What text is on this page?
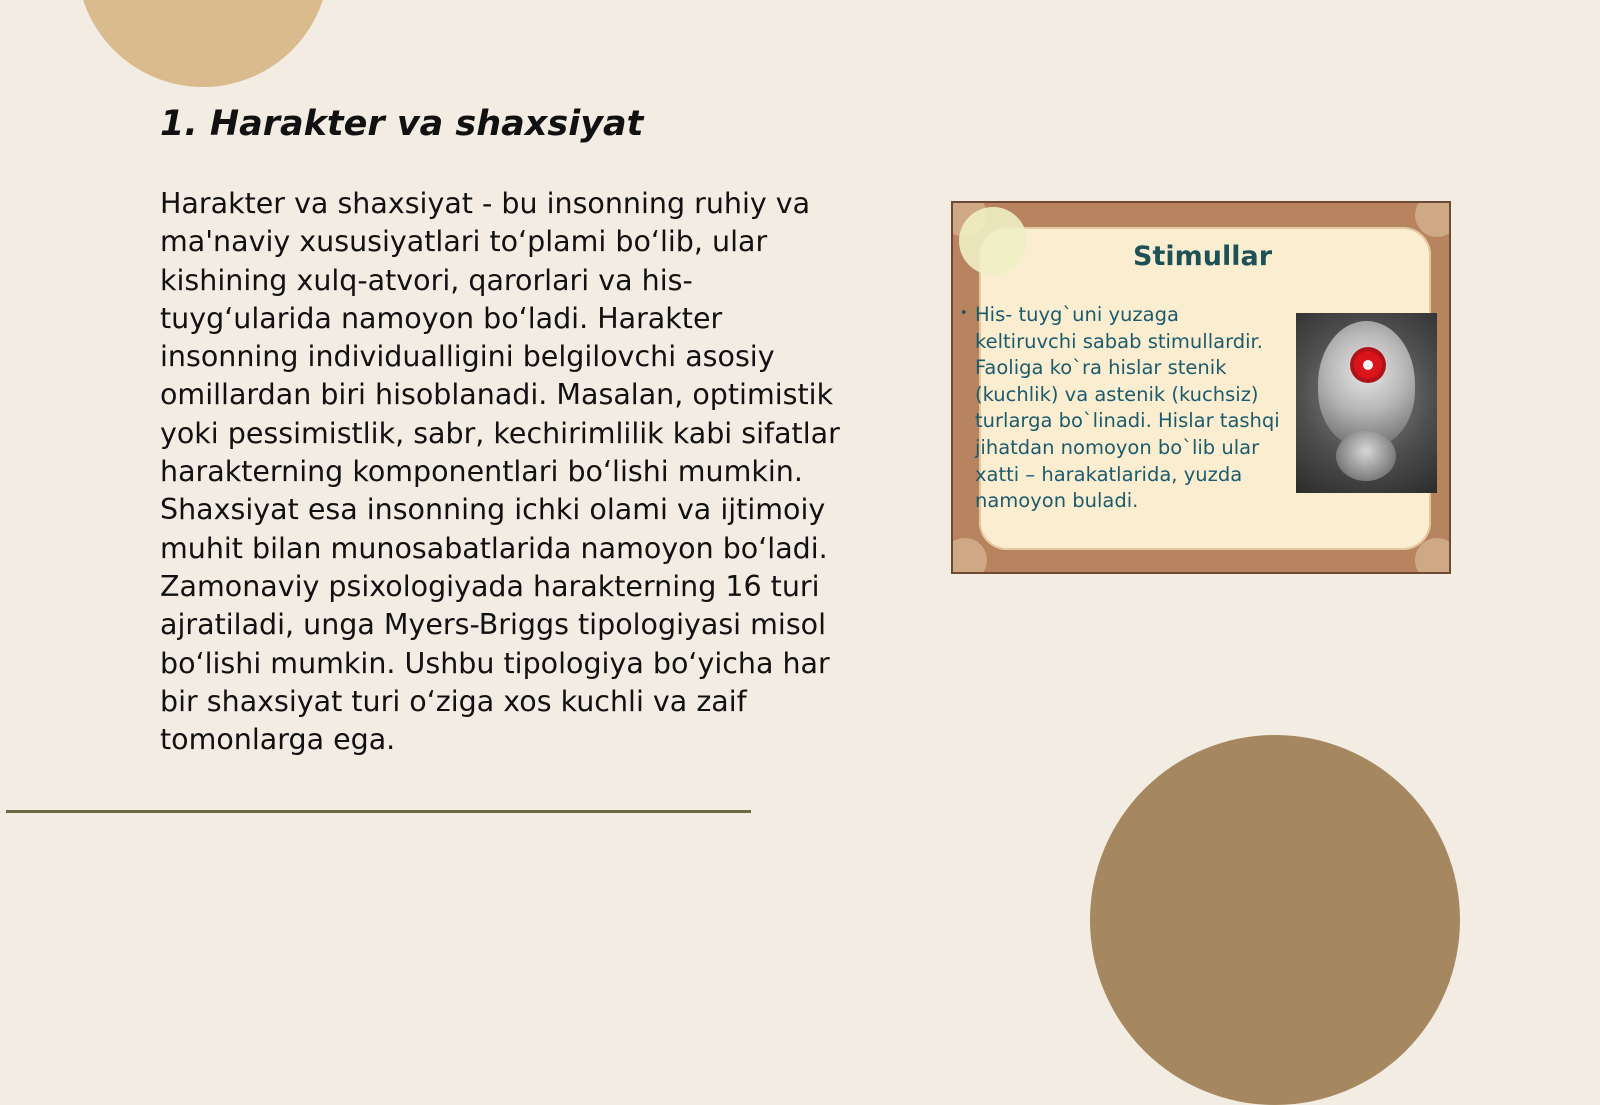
1. Harakter va shaxsiyat

Harakter va shaxsiyat - bu insonning ruhiy va ma'naviy xususiyatlari to‘plami bo‘lib, ular kishining xulq-atvori, qarorlari va his-tuyg‘ularida namoyon bo‘ladi. Harakter insonning individualligini belgilovchi asosiy omillardan biri hisoblanadi. Masalan, optimistik yoki pessimistlik, sabr, kechirimlilik kabi sifatlar harakterning komponentlari bo‘lishi mumkin. Shaxsiyat esa insonning ichki olami va ijtimoiy muhit bilan munosabatlarida namoyon bo‘ladi. Zamonaviy psixologiyada harakterning 16 turi ajratiladi, unga Myers-Briggs tipologiyasi misol bo‘lishi mumkin. Ushbu tipologiya bo‘yicha har bir shaxsiyat turi o‘ziga xos kuchli va zaif tomonlarga ega.

Stimullar
• His- tuyg`uni yuzaga keltiruvchi sabab stimullardir. Faoliga ko`ra hislar stenik (kuchlik) va astenik (kuchsiz) turlarga bo`linadi. Hislar tashqi jihatdan nomoyon bo`lib ular xatti – harakatlarida, yuzda namoyon buladi.
